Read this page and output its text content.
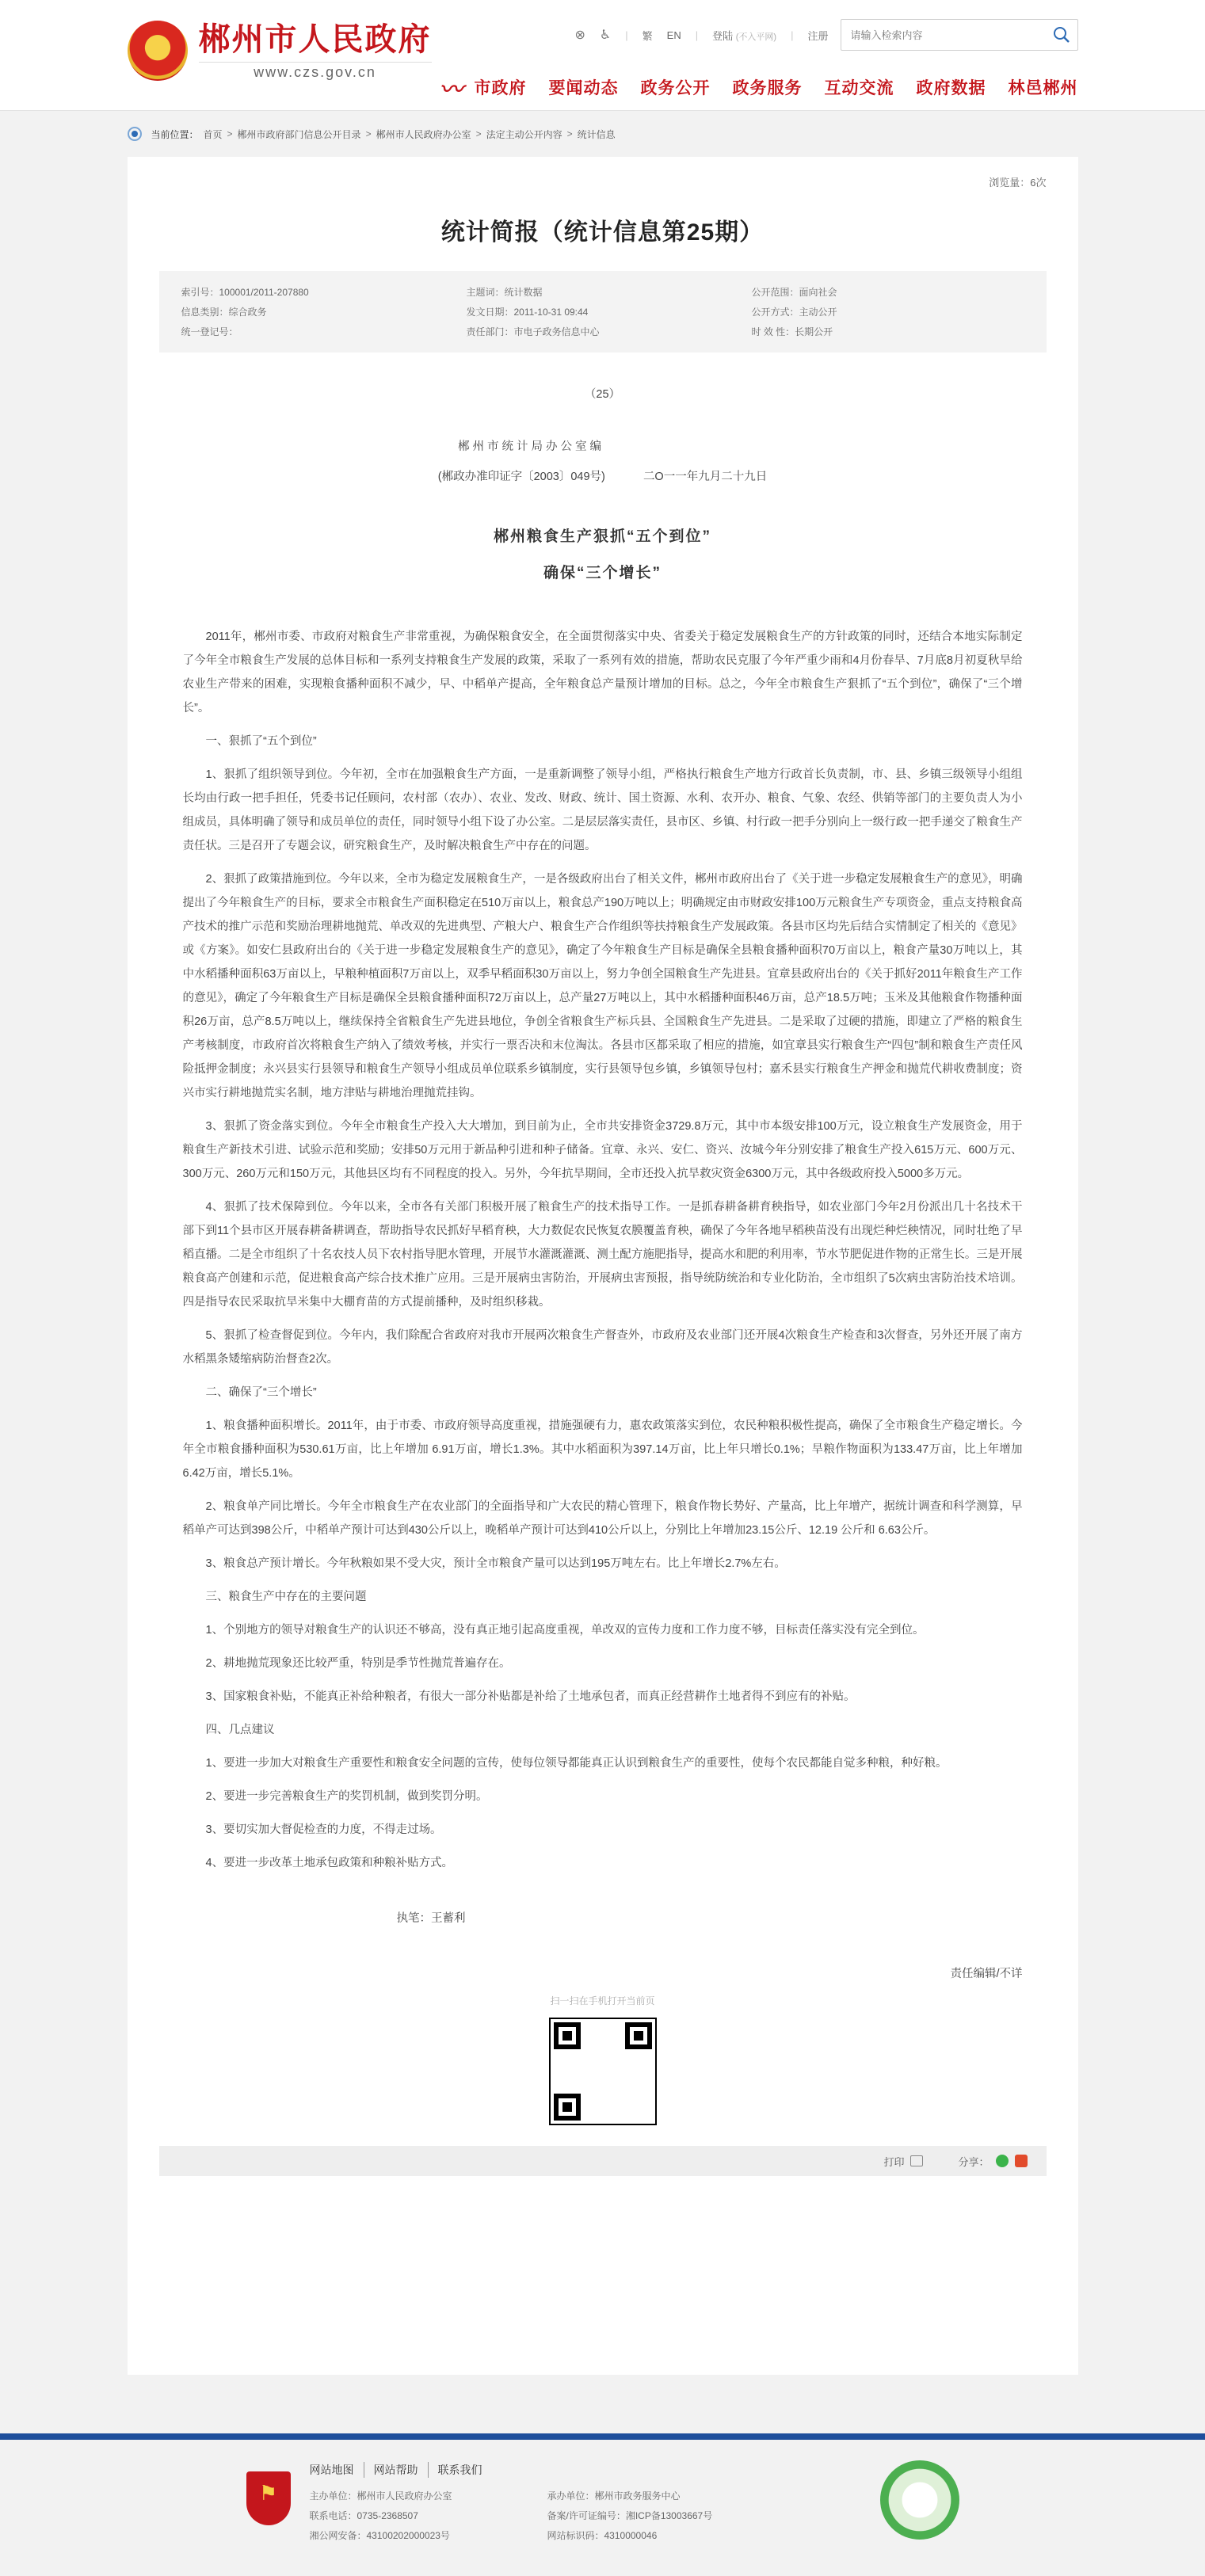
★
郴州市人民政府
www.czs.gov.cn
⊗ ♿ | 繁 EN | 登陆 (不入平网) | 注册
请输入检索内容
〰 市政府 要闻动态 政务公开 政务服务 互动交流 政府数据 林邑郴州
当前位置： 首页 > 郴州市政府部门信息公开目录 > 郴州市人民政府办公室 > 法定主动公开内容 > 统计信息
浏览量：6次
统计简报（统计信息第25期）
索引号：100001/2011-207880	主题词：统计数据	公开范围：面向社会
信息类别：综合政务	发文日期：2011-10-31 09:44	公开方式：主动公开
统一登记号：	责任部门：市电子政务信息中心	时 效 性：长期公开
（25）
郴州市统计局办公室编
(郴政办准印证字〔2003〕049号)	二O一一年九月二十九日
郴州粮食生产狠抓“五个到位”
确保“三个增长”
2011年，郴州市委、市政府对粮食生产非常重视，为确保粮食安全，在全面贯彻落实中央、省委关于稳定发展粮食生产的方针政策的同时，还结合本地实际制定了今年全市粮食生产发展的总体目标和一系列支持粮食生产发展的政策，采取了一系列有效的措施，帮助农民克服了今年严重少雨和4月份春旱、7月底8月初夏秋旱给农业生产带来的困难，实现粮食播种面积不减少，早、中稻单产提高，全年粮食总产量预计增加的目标。总之，今年全市粮食生产狠抓了“五个到位”，确保了“三个增长”。
一、狠抓了“五个到位”
1、狠抓了组织领导到位。今年初，全市在加强粮食生产方面，一是重新调整了领导小组，严格执行粮食生产地方行政首长负责制，市、县、乡镇三级领导小组组长均由行政一把手担任，凭委书记任顾问，农村部（农办）、农业、发改、财政、统计、国土资源、水利、农开办、粮食、气象、农经、供销等部门的主要负责人为小组成员，具体明确了领导和成员单位的责任，同时领导小组下设了办公室。二是层层落实责任，县市区、乡镇、村行政一把手分别向上一级行政一把手递交了粮食生产责任状。三是召开了专题会议，研究粮食生产，及时解决粮食生产中存在的问题。
2、狠抓了政策措施到位。今年以来，全市为稳定发展粮食生产，一是各级政府出台了相关文件，郴州市政府出台了《关于进一步稳定发展粮食生产的意见》，明确提出了今年粮食生产的目标，要求全市粮食生产面积稳定在510万亩以上，粮食总产190万吨以上；明确规定由市财政安排100万元粮食生产专项资金，重点支持粮食高产技术的推广示范和奖励治理耕地抛荒、单改双的先进典型、产粮大户、粮食生产合作组织等扶持粮食生产发展政策。各县市区均先后结合实情制定了相关的《意见》或《方案》。如安仁县政府出台的《关于进一步稳定发展粮食生产的意见》，确定了今年粮食生产目标是确保全县粮食播种面积70万亩以上，粮食产量30万吨以上，其中水稻播种面积63万亩以上，早粮种植面积7万亩以上，双季早稻面积30万亩以上，努力争创全国粮食生产先进县。宜章县政府出台的《关于抓好2011年粮食生产工作的意见》，确定了今年粮食生产目标是确保全县粮食播种面积72万亩以上，总产量27万吨以上，其中水稻播种面积46万亩，总产18.5万吨；玉米及其他粮食作物播种面积26万亩，总产8.5万吨以上，继续保持全省粮食生产先进县地位，争创全省粮食生产标兵县、全国粮食生产先进县。二是采取了过硬的措施，即建立了严格的粮食生产考核制度，市政府首次将粮食生产纳入了绩效考核，并实行一票否决和末位淘汰。各县市区都采取了相应的措施，如宜章县实行粮食生产“四包”制和粮食生产责任风险抵押金制度；永兴县实行县领导和粮食生产领导小组成员单位联系乡镇制度，实行县领导包乡镇，乡镇领导包村；嘉禾县实行粮食生产押金和抛荒代耕收费制度；资兴市实行耕地抛荒实名制，地方津贴与耕地治理抛荒挂钩。
3、狠抓了资金落实到位。今年全市粮食生产投入大大增加，到目前为止，全市共安排资金3729.8万元，其中市本级安排100万元，设立粮食生产发展资金，用于粮食生产新技术引进、试验示范和奖励；安排50万元用于新品种引进和种子储备。宜章、永兴、安仁、资兴、汝城今年分别安排了粮食生产投入615万元、600万元、300万元、260万元和150万元，其他县区均有不同程度的投入。另外，今年抗旱期间，全市还投入抗旱救灾资金6300万元，其中各级政府投入5000多万元。
4、狠抓了技术保障到位。今年以来，全市各有关部门积极开展了粮食生产的技术指导工作。一是抓春耕备耕育秧指导，如农业部门今年2月份派出几十名技术干部下到11个县市区开展春耕备耕调查，帮助指导农民抓好早稻育秧，大力数促农民恢复农膜覆盖育秧，确保了今年各地早稻秧苗没有出现烂种烂秧情况，同时壮绝了早稻直播。二是全市组织了十名农技人员下农村指导肥水管理，开展节水灌溉灌溉、测土配方施肥指导，提高水和肥的利用率，节水节肥促进作物的正常生长。三是开展粮食高产创建和示范，促进粮食高产综合技术推广应用。三是开展病虫害防治，开展病虫害预报，指导统防统治和专业化防治，全市组织了5次病虫害防治技术培训。四是指导农民采取抗旱米集中大棚育苗的方式提前播种，及时组织移栽。
5、狠抓了检查督促到位。今年内，我们除配合省政府对我市开展两次粮食生产督查外，市政府及农业部门还开展4次粮食生产检查和3次督查，另外还开展了南方水稻黑条矮缩病防治督查2次。
二、确保了“三个增长”
1、粮食播种面积增长。2011年，由于市委、市政府领导高度重视，措施强硬有力，惠农政策落实到位，农民种粮积极性提高，确保了全市粮食生产稳定增长。今年全市粮食播种面积为530.61万亩，比上年增加 6.91万亩，增长1.3%。其中水稻面积为397.14万亩，比上年只增长0.1%；旱粮作物面积为133.47万亩，比上年增加6.42万亩，增长5.1%。
2、粮食单产同比增长。今年全市粮食生产在农业部门的全面指导和广大农民的精心管理下，粮食作物长势好、产量高，比上年增产，据统计调查和科学测算，早稻单产可达到398公斤，中稻单产预计可达到430公斤以上，晚稻单产预计可达到410公斤以上，分别比上年增加23.15公斤、12.19 公斤和 6.63公斤。
3、粮食总产预计增长。今年秋粮如果不受大灾，预计全市粮食产量可以达到195万吨左右。比上年增长2.7%左右。
三、粮食生产中存在的主要问题
1、个别地方的领导对粮食生产的认识还不够高，没有真正地引起高度重视，单改双的宣传力度和工作力度不够，目标责任落实没有完全到位。
2、耕地抛荒现象还比较严重，特别是季节性抛荒普遍存在。
3、国家粮食补贴，不能真正补给种粮者，有很大一部分补贴都是补给了土地承包者，而真正经营耕作土地者得不到应有的补贴。
四、几点建议
1、要进一步加大对粮食生产重要性和粮食安全问题的宣传，使每位领导都能真正认识到粮食生产的重要性，使每个农民都能自觉多种粮，种好粮。
2、要进一步完善粮食生产的奖罚机制，做到奖罚分明。
3、要切实加大督促检查的力度，不得走过场。
4、要进一步改革土地承包政策和种粮补贴方式。
执笔：王蓄利
责任编辑/不详
扫一扫在手机打开当前页
打印	分享：
⚑
网站地图	网站帮助	联系我们
主办单位：郴州市人民政府办公室	承办单位：郴州市政务服务中心
联系电话：0735-2368507	备案/许可证编号：湘ICP备13003667号
湘公网安备：43100202000023号	网站标识码：4310000046
